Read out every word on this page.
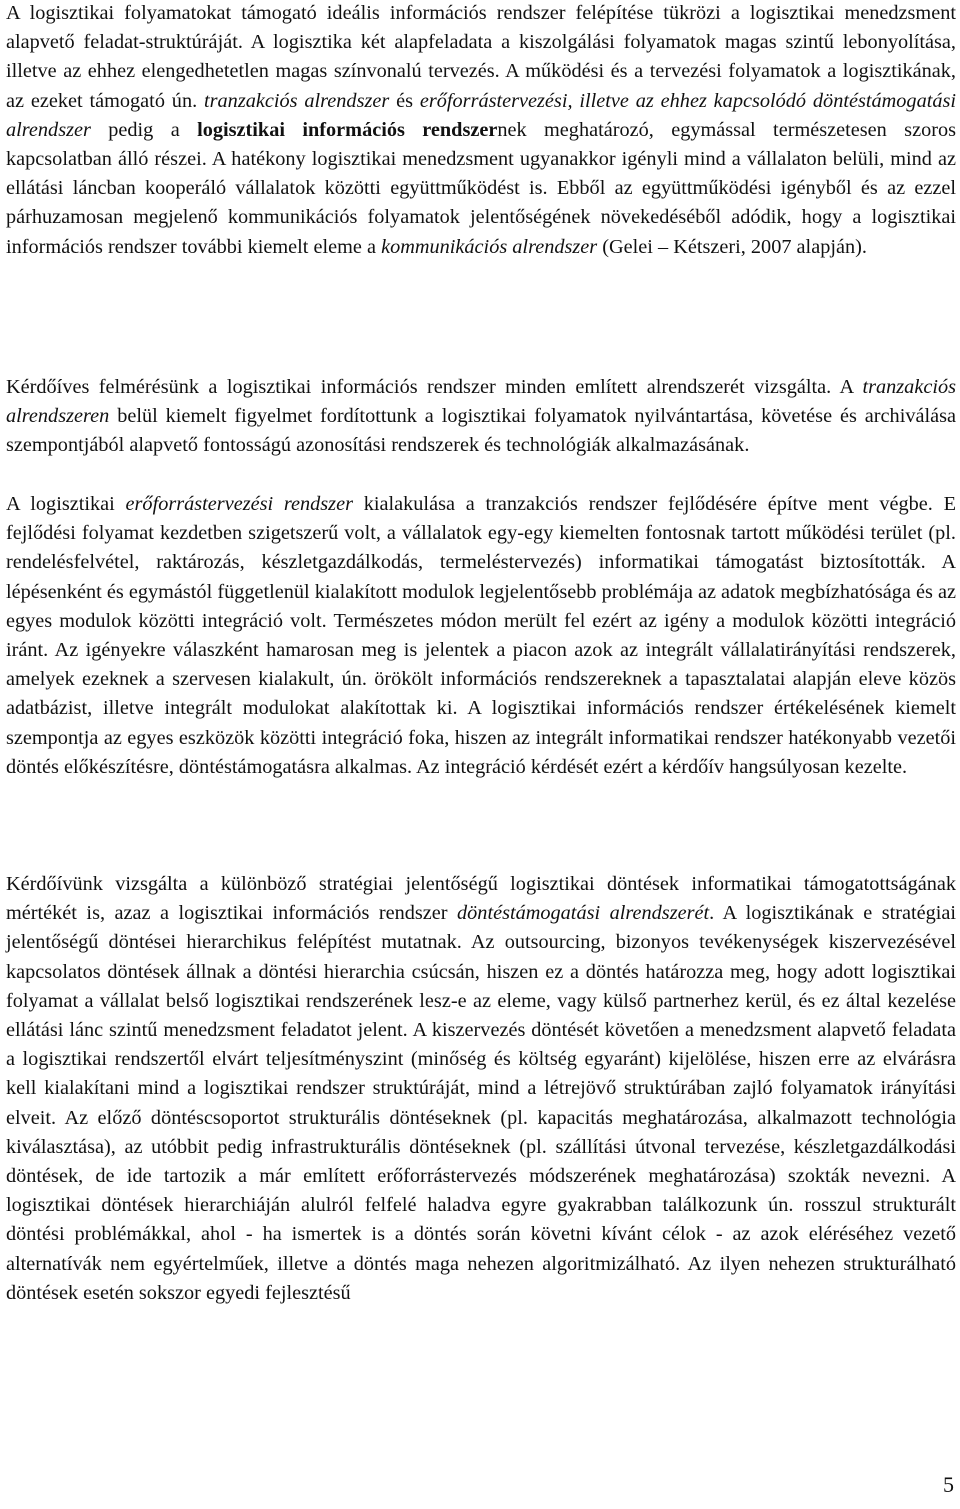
A logisztikai folyamatokat támogató ideális információs rendszer felépítése tükrözi a logisztikai menedzsment alapvető feladat-struktúráját. A logisztika két alapfeladata a kiszolgálási folyamatok magas szintű lebonyolítása, illetve az ehhez elengedhetetlen magas színvonalú tervezés. A működési és a tervezési folyamatok a logisztikának, az ezeket támogató ún. tranzakciós alrendszer és erőforrástervezési, illetve az ehhez kapcsolódó döntéstámogatási alrendszer pedig a logisztikai információs rendszernek meghatározó, egymással természetesen szoros kapcsolatban álló részei. A hatékony logisztikai menedzsment ugyanakkor igényli mind a vállalaton belüli, mind az ellátási láncban kooperáló vállalatok közötti együttműködést is. Ebből az együttműködési igényből és az ezzel párhuzamosan megjelenő kommunikációs folyamatok jelentőségének növekedéséből adódik, hogy a logisztikai információs rendszer további kiemelt eleme a kommunikációs alrendszer (Gelei – Kétszeri, 2007 alapján).

Kérdőíves felmérésünk a logisztikai információs rendszer minden említett alrendszerét vizsgálta. A tranzakciós alrendszeren belül kiemelt figyelmet fordítottunk a logisztikai folyamatok nyilvántartása, követése és archiválása szempontjából alapvető fontosságú azonosítási rendszerek és technológiák alkalmazásának.

A logisztikai erőforrástervezési rendszer kialakulása a tranzakciós rendszer fejlődésére építve ment végbe. E fejlődési folyamat kezdetben szigetszerű volt, a vállalatok egy-egy kiemelten fontosnak tartott működési terület (pl. rendelésfelvétel, raktározás, készletgazdálkodás, termeléstervezés) informatikai támogatást biztosították. A lépésenként és egymástól függetlenül kialakított modulok legjelentősebb problémája az adatok megbízhatósága és az egyes modulok közötti integráció volt. Természetes módon merült fel ezért az igény a modulok közötti integráció iránt. Az igényekre válaszként hamarosan meg is jelentek a piacon azok az integrált vállalatirányítási rendszerek, amelyek ezeknek a szervesen kialakult, ún. örökölt információs rendszereknek a tapasztalatai alapján eleve közös adatbázist, illetve integrált modulokat alakítottak ki. A logisztikai információs rendszer értékelésének kiemelt szempontja az egyes eszközök közötti integráció foka, hiszen az integrált informatikai rendszer hatékonyabb vezetői döntés előkészítésre, döntéstámogatásra alkalmas. Az integráció kérdését ezért a kérdőív hangsúlyosan kezelte.

Kérdőívünk vizsgálta a különböző stratégiai jelentőségű logisztikai döntések informatikai támogatottságának mértékét is, azaz a logisztikai információs rendszer döntéstámogatási alrendszerét. A logisztikának e stratégiai jelentőségű döntései hierarchikus felépítést mutatnak. Az outsourcing, bizonyos tevékenységek kiszervezésével kapcsolatos döntések állnak a döntési hierarchia csúcsán, hiszen ez a döntés határozza meg, hogy adott logisztikai folyamat a vállalat belső logisztikai rendszerének lesz-e az eleme, vagy külső partnerhez kerül, és ez által kezelése ellátási lánc szintű menedzsment feladatot jelent. A kiszervezés döntését követően a menedzsment alapvető feladata a logisztikai rendszertől elvárt teljesítményszint (minőség és költség egyaránt) kijelölése, hiszen erre az elvárásra kell kialakítani mind a logisztikai rendszer struktúráját, mind a létrejövő struktúrában zajló folyamatok irányítási elveit. Az előző döntéscsoportot strukturális döntéseknek (pl. kapacitás meghatározása, alkalmazott technológia kiválasztása), az utóbbit pedig infrastrukturális döntéseknek (pl. szállítási útvonal tervezése, készletgazdálkodási döntések, de ide tartozik a már említett erőforrástervezés módszerének meghatározása) szokták nevezni. A logisztikai döntések hierarchiáján alulról felfelé haladva egyre gyakrabban találkozunk ún. rosszul strukturált döntési problémákkal, ahol - ha ismertek is a döntés során követni kívánt célok - az azok eléréséhez vezető alternatívák nem egyértelműek, illetve a döntés maga nehezen algoritmizálható. Az ilyen nehezen strukturálható döntések esetén sokszor egyedi fejlesztésű

5
